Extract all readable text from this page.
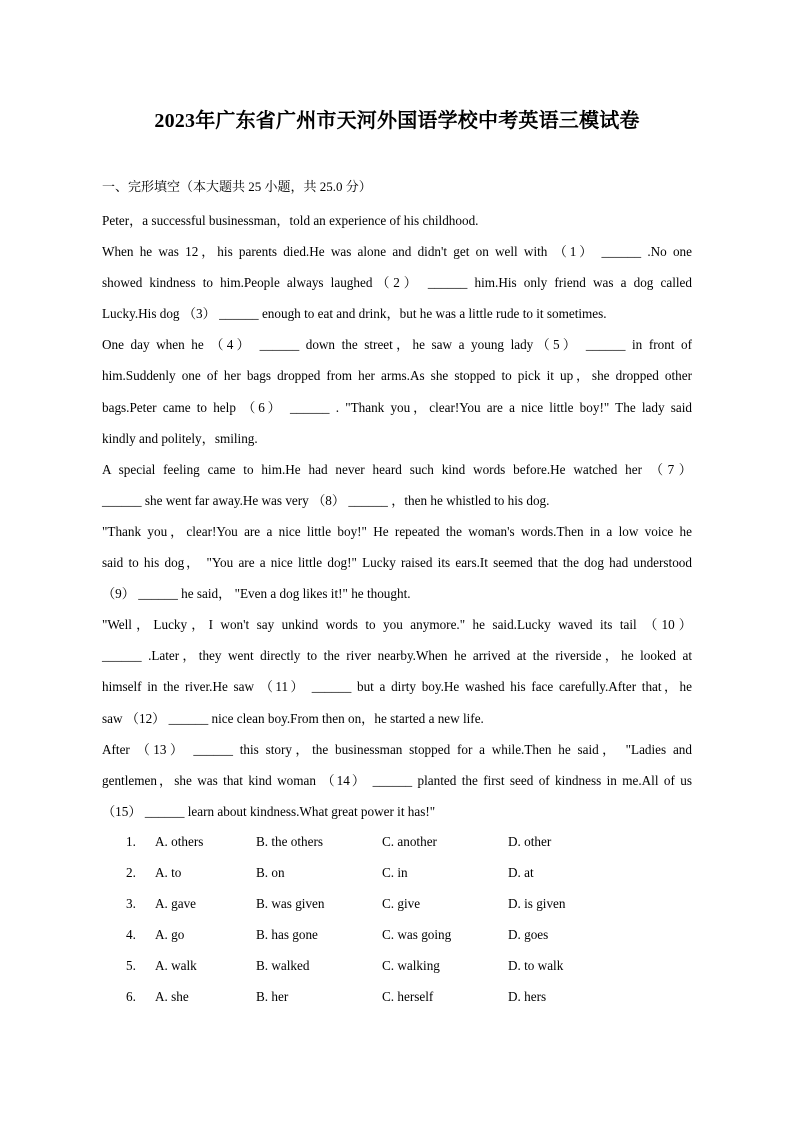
2023年广东省广州市天河外国语学校中考英语三模试卷
一、完形填空（本大题共 25 小题，共 25.0 分）
Peter，a successful businessman，told an experience of his childhood.
When he was 12，his parents died.He was alone and didn't get on well with （1） ______ .No one
showed kindness to him.People always laughed（2） ______ him.His only friend was a dog called
Lucky.His dog （3） ______ enough to eat and drink，but he was a little rude to it sometimes.
One day when he （4） ______ down the street，he saw a young lady（5） ______ in front of
him.Suddenly one of her bags dropped from her arms.As she stopped to pick it up，she dropped other
bags.Peter came to help （6） ______ . "Thank you，clear!You are a nice little boy!" The lady said
kindly and politely，smiling.
A special feeling came to him.He had never heard such kind words before.He watched her （7）
______ she went far away.He was very （8） ______ ，then he whistled to his dog.
"Thank you，clear!You are a nice little boy!" He repeated the woman's words.Then in a low voice he
said to his dog， "You are a nice little dog!" Lucky raised its ears.It seemed that the dog had understood
（9） ______ he said， "Even a dog likes it!" he thought.
"Well，Lucky，I won't say unkind words to you anymore." he said.Lucky waved its tail （10）
______ .Later，they went directly to the river nearby.When he arrived at the riverside，he looked at
himself in the river.He saw （11） ______ but a dirty boy.He washed his face carefully.After that，he
saw （12） ______ nice clean boy.From then on，he started a new life.
After （13） ______ this story，the businessman stopped for a while.Then he said， "Ladies and
gentlemen，she was that kind woman （14） ______ planted the first seed of kindness in me.All of us
（15） ______ learn about kindness.What great power it has!"
1. A. others	B. the others	C. another	D. other
2. A. to	B. on	C. in	D. at
3. A. gave	B. was given	C. give	D. is given
4. A. go	B. has gone	C. was going	D. goes
5. A. walk	B. walked	C. walking	D. to walk
6. A. she	B. her	C. herself	D. hers
